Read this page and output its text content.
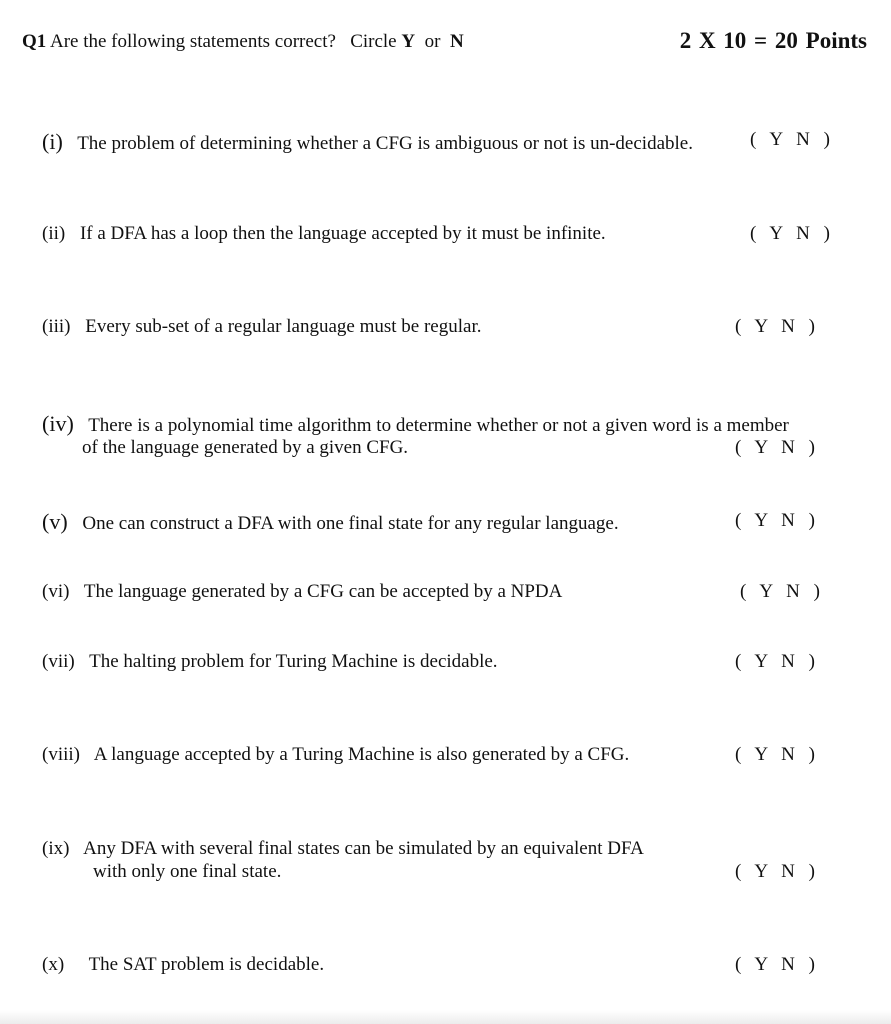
Q1 Are the following statements correct? Circle Y or N	2 X 10 = 20 Points
(i) The problem of determining whether a CFG is ambiguous or not is un-decidable.	( Y N )
(ii) If a DFA has a loop then the language accepted by it must be infinite.	( Y N )
(iii) Every sub-set of a regular language must be regular.	( Y N )
(iv) There is a polynomial time algorithm to determine whether or not a given word is a member
of the language generated by a given CFG.	( Y N )
(v) One can construct a DFA with one final state for any regular language.	( Y N )
(vi) The language generated by a CFG can be accepted by a NPDA	( Y N )
(vii) The halting problem for Turing Machine is decidable.	( Y N )
(viii) A language accepted by a Turing Machine is also generated by a CFG.	( Y N )
(ix) Any DFA with several final states can be simulated by an equivalent DFA
with only one final state.	( Y N )
(x) The SAT problem is decidable.	( Y N )
